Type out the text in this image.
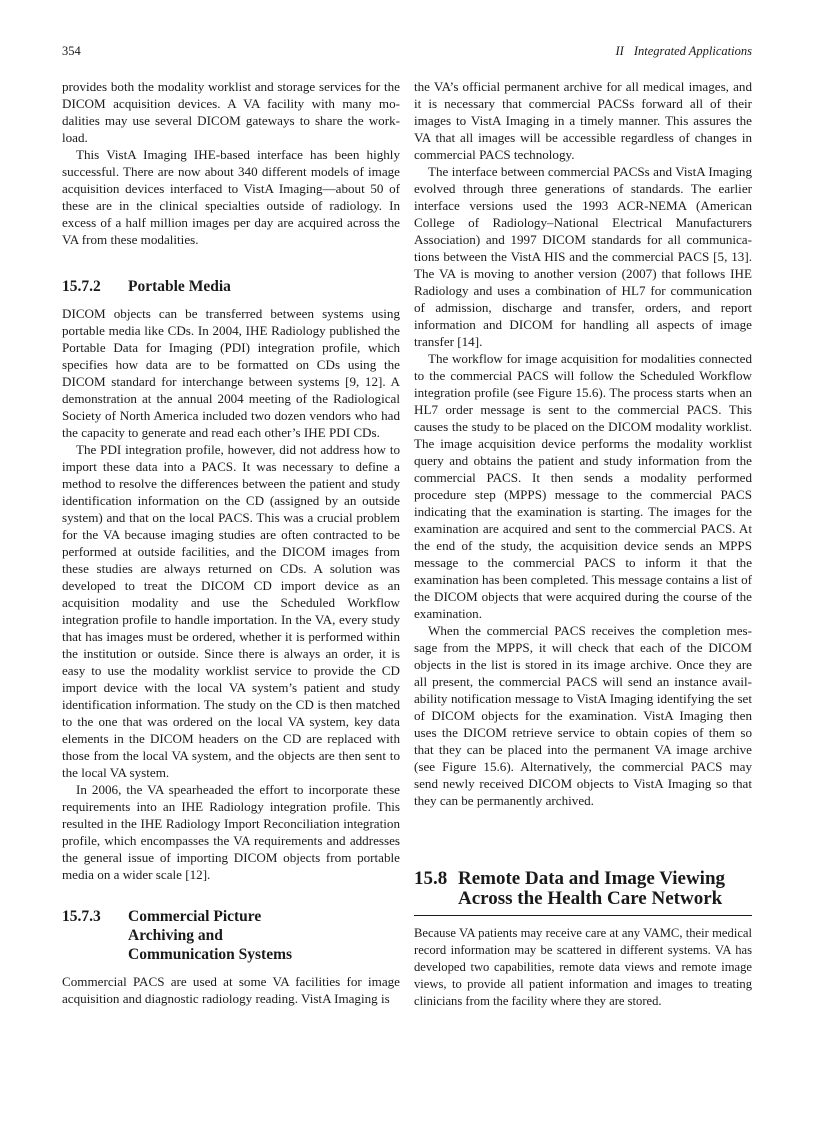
354	II Integrated Applications

provides both the modality worklist and storage services for the DICOM acquisition devices. A VA facility with many modalities may use several DICOM gateways to share the workload.

This VistA Imaging IHE-based interface has been highly successful. There are now about 340 different models of image acquisition devices interfaced to VistA Imaging—about 50 of these are in the clinical specialties outside of radiology. In excess of a half million images per day are acquired across the VA from these modalities.

15.7.2 Portable Media

DICOM objects can be transferred between systems using portable media like CDs. In 2004, IHE Radiology published the Portable Data for Imaging (PDI) integration profile, which specifies how data are to be formatted on CDs using the DICOM standard for interchange between systems [9, 12]. A demonstration at the annual 2004 meeting of the Radiological Society of North America included two dozen vendors who had the capacity to generate and read each other’s IHE PDI CDs.

The PDI integration profile, however, did not address how to import these data into a PACS. It was necessary to define a method to resolve the differences between the patient and study identification information on the CD (assigned by an outside system) and that on the local PACS. This was a crucial problem for the VA because imaging studies are often contracted to be performed at outside facilities, and the DICOM images from these studies are always returned on CDs. A solution was developed to treat the DICOM CD import device as an acquisition modality and use the Scheduled Workflow integration profile to handle importation. In the VA, every study that has images must be ordered, whether it is performed within the institution or outside. Since there is always an order, it is easy to use the modality worklist service to provide the CD import device with the local VA system’s patient and study identification information. The study on the CD is then matched to the one that was ordered on the local VA system, key data elements in the DICOM headers on the CD are replaced with those from the local VA system, and the objects are then sent to the local VA system.

In 2006, the VA spearheaded the effort to incorporate these requirements into an IHE Radiology integration profile. This resulted in the IHE Radiology Import Reconciliation integration profile, which encompasses the VA requirements and addresses the general issue of importing DICOM objects from portable media on a wider scale [12].

15.7.3	Commercial Picture Archiving and Communication Systems

Commercial PACS are used at some VA facilities for image acquisition and diagnostic radiology reading. VistA Imaging is

the VA’s official permanent archive for all medical images, and it is necessary that commercial PACSs forward all of their images to VistA Imaging in a timely manner. This assures the VA that all images will be accessible regardless of changes in commercial PACS technology.

The interface between commercial PACSs and VistA Imaging evolved through three generations of standards. The earlier interface versions used the 1993 ACR-NEMA (American College of Radiology–National Electrical Manufacturers Association) and 1997 DICOM standards for all communications between the VistA HIS and the commercial PACS [5, 13]. The VA is moving to another version (2007) that follows IHE Radiology and uses a combination of HL7 for communication of admission, discharge and transfer, orders, and report information and DICOM for handling all aspects of image transfer [14].

The workflow for image acquisition for modalities connected to the commercial PACS will follow the Scheduled Workflow integration profile (see Figure 15.6). The process starts when an HL7 order message is sent to the commercial PACS. This causes the study to be placed on the DICOM modality worklist. The image acquisition device performs the modality worklist query and obtains the patient and study information from the commercial PACS. It then sends a modality performed procedure step (MPPS) message to the commercial PACS indicating that the examination is starting. The images for the examination are acquired and sent to the commercial PACS. At the end of the study, the acquisition device sends an MPPS message to the commercial PACS to inform it that the examination has been completed. This message contains a list of the DICOM objects that were acquired during the course of the examination.

When the commercial PACS receives the completion message from the MPPS, it will check that each of the DICOM objects in the list is stored in its image archive. Once they are all present, the commercial PACS will send an instance availability notification message to VistA Imaging identifying the set of DICOM objects for the examination. VistA Imaging then uses the DICOM retrieve service to obtain copies of them so that they can be placed into the permanent VA image archive (see Figure 15.6). Alternatively, the commercial PACS may send newly received DICOM objects to VistA Imaging so that they can be permanently archived.

15.8 Remote Data and Image Viewing Across the Health Care Network

Because VA patients may receive care at any VAMC, their medical record information may be scattered in different systems. VA has developed two capabilities, remote data views and remote image views, to provide all patient information and images to treating clinicians from the facility where they are stored.
